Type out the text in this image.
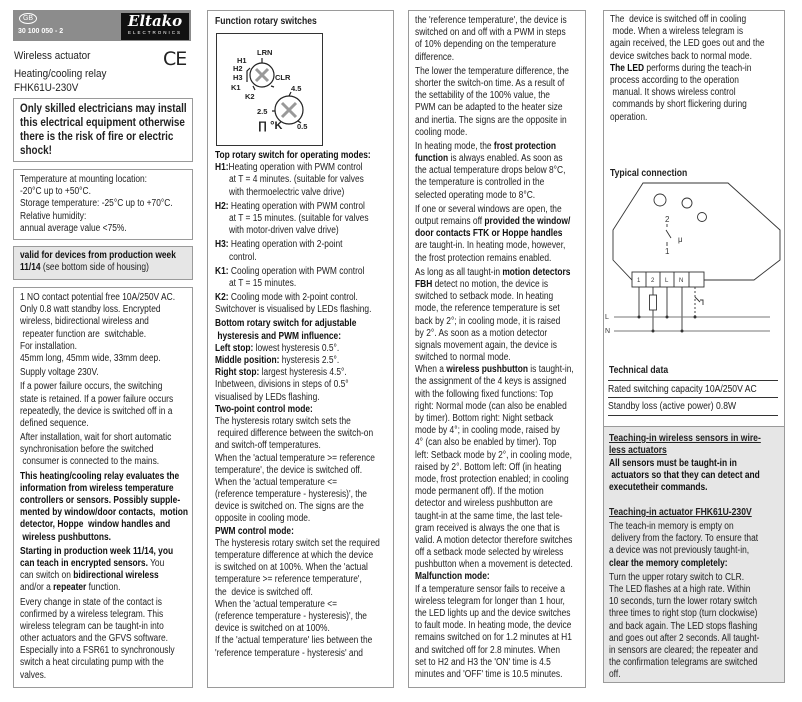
GB
30 100 050 - 2
Eltako
ELECTRONICS
Wireless actuator	CE
Heating/cooling relay
FHK61U-230V
Only skilled electricians may install
this electrical equipment otherwise
there is the risk of fire or electric
shock!
Temperature at mounting location:
-20°C up to +50°C.
Storage temperature: -25°C up to +70°C.
Relative humidity:
annual average value <75%.
valid for devices from production week
11/14 (see bottom side of housing)
1 NO contact potential free 10A/250V AC.
Only 0.8 watt standby loss. Encrypted
wireless, bidirectional wireless and
repeater function are  switchable.
For installation.
45mm long, 45mm wide, 33mm deep.
Supply voltage 230V.
If a power failure occurs, the switching
state is retained. If a power failure occurs
repeatedly, the device is switched off in a
defined sequence.
After installation, wait for short automatic
synchronisation before the switched
consumer is connected to the mains.
This heating/cooling relay evaluates the
information from wireless temperature
controllers or sensors. Possibly supple-
mented by window/door contacts,  motion
detector, Hoppe  window handles and
wireless pushbuttons.
Starting in production week 11/14, you
can teach in encrypted sensors. You
can switch on bidirectional wireless
and/or a repeater function.
Every change in state of the contact is
confirmed by a wireless telegram. This
wireless telegram can be taught-in into
other actuators and the GFVS software.
Especially into a FSR61 to synchronously
switch a heat circulating pump with the
valves.
Function rotary switches
LRN
H1
H2
H3
K1
K2
CLR
4.5
2.5
0.5
∏ °K
Top rotary switch for operating modes:
H1:Heating operation with PWM control
at T = 4 minutes. (suitable for valves
with thermoelectric valve drive)
H2: Heating operation with PWM control
at T = 15 minutes. (suitable for valves
with motor-driven valve drive)
H3: Heating operation with 2-point
control.
K1: Cooling operation with PWM control
at T = 15 minutes.
K2: Cooling mode with 2-point control.
Switchover is visualised by LEDs flashing.
Bottom rotary switch for adjustable
hysteresis and PWM influence:
Left stop: lowest hysteresis 0.5°.
Middle position: hysteresis 2.5°.
Right stop: largest hysteresis 4.5°.
Inbetween, divisions in steps of 0.5°
visualised by LEDs flashing.
Two-point control mode:
The hysteresis rotary switch sets the
required difference between the switch-on
and switch-off temperatures.
When the 'actual temperature >= reference
temperature', the device is switched off.
When the 'actual temperature <=
(reference temperature - hysteresis)', the
device is switched on. The signs are the
opposite in cooling mode.
PWM control mode:
The hysteresis rotary switch set the required
temperature difference at which the device
is switched on at 100%. When the 'actual
temperature >= reference temperature',
the  device is switched off.
When the 'actual temperature <=
(reference temperature - hysteresis)', the
device is switched on at 100%.
If the 'actual temperature' lies between the
'reference temperature - hysteresis' and
the 'reference temperature', the device is
switched on and off with a PWM in steps
of 10% depending on the temperature
difference.
The lower the temperature difference, the
shorter the switch-on time. As a result of
the settability of the 100% value, the
PWM can be adapted to the heater size
and inertia. The signs are the opposite in
cooling mode.
In heating mode, the frost protection
function is always enabled. As soon as
the actual temperature drops below 8°C,
the temperature is controlled in the
selected operating mode to 8°C.
If one or several windows are open, the
output remains off provided the window/
door contacts FTK or Hoppe handles
are taught-in. In heating mode, however,
the frost protection remains enabled.
As long as all taught-in motion detectors
FBH detect no motion, the device is
switched to setback mode. In heating
mode, the reference temperature is set
back by 2°; in cooling mode, it is raised
by 2°. As soon as a motion detector
signals movement again, the device is
switched to normal mode.
When a wireless pushbutton is taught-in,
the assignment of the 4 keys is assigned
with the following fixed functions: Top
right: Normal mode (can also be enabled
by timer). Bottom right: Night setback
mode by 4°; in cooling mode, raised by
4° (can also be enabled by timer). Top
left: Setback mode by 2°, in cooling mode,
raised by 2°. Bottom left: Off (in heating
mode, frost protection enabled; in cooling
mode permanent off). If the motion
detector and wireless pushbutton are
taught-in at the same time, the last tele-
gram received is always the one that is
valid. A motion detector therefore switches
off a setback mode selected by wireless
pushbutton when a movement is detected.
Malfunction mode:
If a temperature sensor fails to receive a
wireless telegram for longer than 1 hour,
the LED lights up and the device switches
to fault mode. In heating mode, the device
remains switched on for 1.2 minutes at H1
and switched off for 2.8 minutes. When
set to H2 and H3 the 'ON' time is 4.5
minutes and 'OFF' time is 10.5 minutes.
The  device is switched off in cooling
mode. When a wireless telegram is
again received, the LED goes out and the
device switches back to normal mode.
The LED performs during the teach-in
process according to the operation
manual. It shows wireless control
commands by short flickering during
operation.
Typical connection
1 2 L N
2
1
μ
L
N
Technical data
Rated switching capacity 10A/250V AC
Standby loss (active power) 0.8W
Teaching-in wireless sensors in wire-
less actuators
All sensors must be taught-in in
actuators so that they can detect and
executetheir commands.
Teaching-in actuator FHK61U-230V
The teach-in memory is empty on
delivery from the factory. To ensure that
a device was not previously taught-in,
clear the memory completely:
Turn the upper rotary switch to CLR.
The LED flashes at a high rate. Within
10 seconds, turn the lower rotary switch
three times to right stop (turn clockwise)
and back again. The LED stops flashing
and goes out after 2 seconds. All taught-
in sensors are cleared; the repeater and
the confirmation telegrams are switched
off.
